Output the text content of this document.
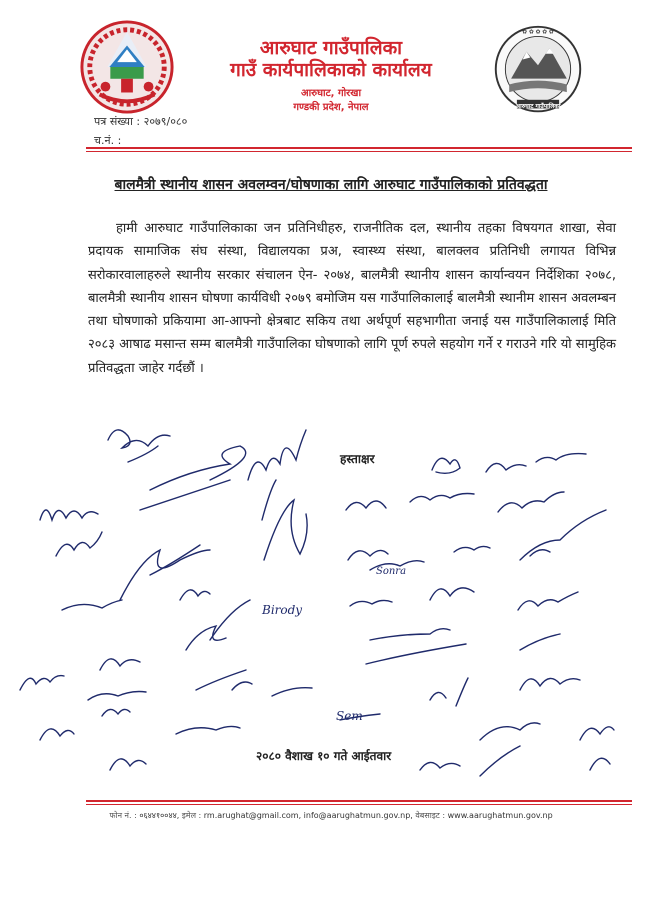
✿ ✿ ✿ ✿ ✿
आरुघाट गाउँपालिका
आरुघाट गाउँपालिका
गाउँ कार्यपालिकाको कार्यालय
आरुघाट, गोरखा
गण्डकी प्रदेश, नेपाल
पत्र संख्या : २०७९/०८०
च.नं. :
बालमैत्री स्थानीय शासन अवलम्वन/घोषणाका लागि आरुघाट गाउँपालिकाको प्रतिवद्धता
हामी आरुघाट गाउँपालिकाका जन प्रतिनिधीहरु, राजनीतिक दल, स्थानीय तहका विषयगत शाखा, सेवा प्रदायक सामाजिक संघ संस्था, विद्यालयका प्रअ, स्वास्थ्य संस्था, बालक्लव प्रतिनिधी लगायत विभिन्न सरोकारवालाहरुले स्थानीय सरकार संचालन ऐन- २०७४, बालमैत्री स्थानीय शासन कार्यान्वयन निर्देशिका २०७८, बालमैत्री स्थानीय शासन घोषणा कार्यविधी २०७९ बमोजिम यस गाउँपालिकालाई बालमैत्री स्थानीम शासन अवलम्बन तथा घोषणाको प्रकियामा आ-आफ्नो क्षेत्रबाट सकिय तथा अर्थपूर्ण सहभागीता जनाई यस गाउँपालिकालाई मिति २०८३ आषाढ मसान्त सम्म बालमैत्री गाउँपालिका घोषणाको लागि पूर्ण रुपले सहयोग गर्ने र गराउने गरि यो सामुहिक प्रतिवद्धता जाहेर गर्दछौं ।
हस्ताक्षर
Birody
Sem
Sonra
२०८० वैशाख १० गते आईतवार
फोन नं. : ०६४४१००४४, इमेल : rm.arughat@gmail.com, info@aarughatmun.gov.np, वेबसाइट : www.aarughatmun.gov.np
